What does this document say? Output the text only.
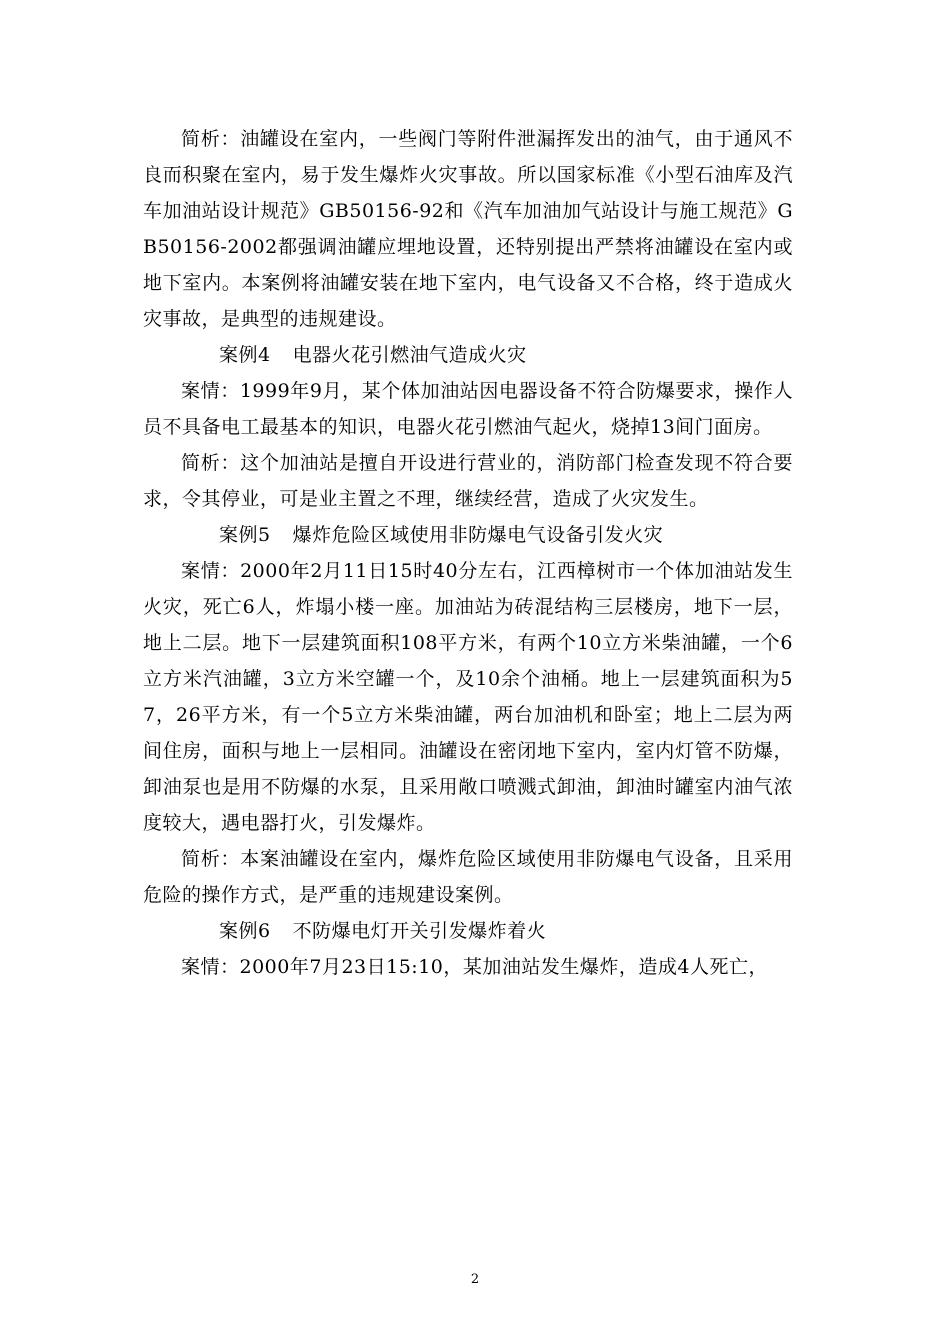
简析：油罐设在室内，一些阀门等附件泄漏挥发出的油气，由于通风不良而积聚在室内，易于发生爆炸火灾事故。所以国家标准《小型石油库及汽车加油站设计规范》GB50156-92和《汽车加油加气站设计与施工规范》GB50156-2002都强调油罐应埋地设置，还特别提出严禁将油罐设在室内或地下室内。本案例将油罐安装在地下室内，电气设备又不合格，终于造成火灾事故，是典型的违规建设。

案例4 电器火花引燃油气造成火灾

案情：1999年9月，某个体加油站因电器设备不符合防爆要求，操作人员不具备电工最基本的知识，电器火花引燃油气起火，烧掉13间门面房。

简析：这个加油站是擅自开设进行营业的，消防部门检查发现不符合要求，令其停业，可是业主置之不理，继续经营，造成了火灾发生。

案例5 爆炸危险区域使用非防爆电气设备引发火灾

案情：2000年2月11日15时40分左右，江西樟树市一个体加油站发生火灾，死亡6人，炸塌小楼一座。加油站为砖混结构三层楼房，地下一层，地上二层。地下一层建筑面积108平方米，有两个10立方米柴油罐，一个6立方米汽油罐，3立方米空罐一个，及10余个油桶。地上一层建筑面积为57，26平方米，有一个5立方米柴油罐，两台加油机和卧室；地上二层为两间住房，面积与地上一层相同。油罐设在密闭地下室内，室内灯管不防爆，卸油泵也是用不防爆的水泵，且采用敞口喷溅式卸油，卸油时罐室内油气浓度较大，遇电器打火，引发爆炸。

简析：本案油罐设在室内，爆炸危险区域使用非防爆电气设备，且采用危险的操作方式，是严重的违规建设案例。

案例6 不防爆电灯开关引发爆炸着火

案情：2000年7月23日15:10，某加油站发生爆炸，造成4人死亡，

2
